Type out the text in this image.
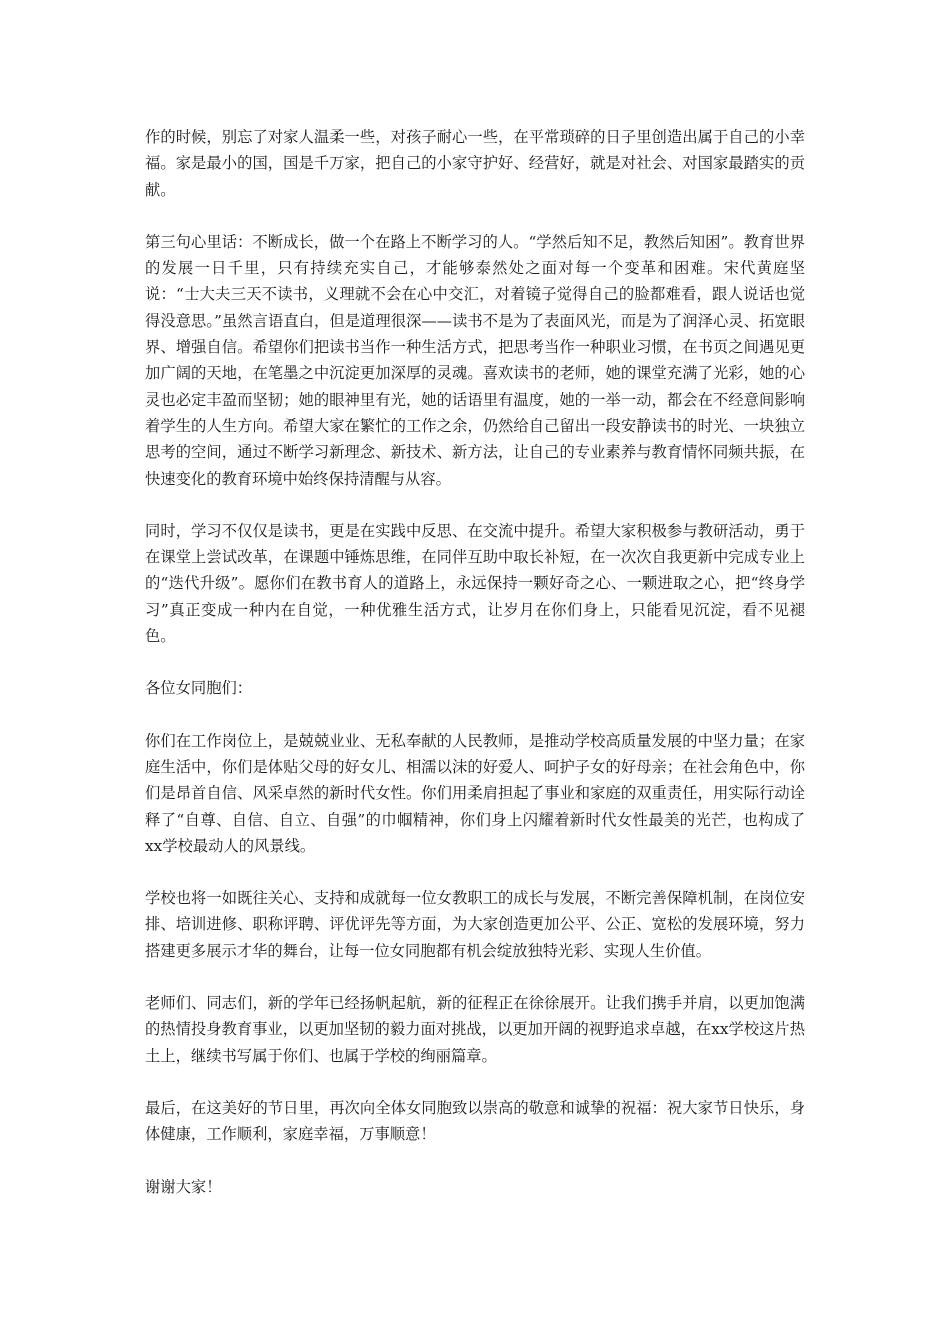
作的时候，别忘了对家人温柔一些，对孩子耐心一些，在平常琐碎的日子里创造出属于自己的小幸福。家是最小的国，国是千万家，把自己的小家守护好、经营好，就是对社会、对国家最踏实的贡献。

第三句心里话：不断成长，做一个在路上不断学习的人。“学然后知不足，教然后知困”。教育世界的发展一日千里，只有持续充实自己，才能够泰然处之面对每一个变革和困难。宋代黄庭坚说：“士大夫三天不读书，义理就不会在心中交汇，对着镜子觉得自己的脸都难看，跟人说话也觉得没意思。”虽然言语直白，但是道理很深——读书不是为了表面风光，而是为了润泽心灵、拓宽眼界、增强自信。希望你们把读书当作一种生活方式，把思考当作一种职业习惯，在书页之间遇见更加广阔的天地，在笔墨之中沉淀更加深厚的灵魂。喜欢读书的老师，她的课堂充满了光彩，她的心灵也必定丰盈而坚韧；她的眼神里有光，她的话语里有温度，她的一举一动，都会在不经意间影响着学生的人生方向。希望大家在繁忙的工作之余，仍然给自己留出一段安静读书的时光、一块独立思考的空间，通过不断学习新理念、新技术、新方法，让自己的专业素养与教育情怀同频共振，在快速变化的教育环境中始终保持清醒与从容。

同时，学习不仅仅是读书，更是在实践中反思、在交流中提升。希望大家积极参与教研活动，勇于在课堂上尝试改革，在课题中锤炼思维，在同伴互助中取长补短，在一次次自我更新中完成专业上的“迭代升级”。愿你们在教书育人的道路上，永远保持一颗好奇之心、一颗进取之心，把“终身学习”真正变成一种内在自觉，一种优雅生活方式，让岁月在你们身上，只能看见沉淀，看不见褪色。

各位女同胞们：

你们在工作岗位上，是兢兢业业、无私奉献的人民教师，是推动学校高质量发展的中坚力量；在家庭生活中，你们是体贴父母的好女儿、相濡以沫的好爱人、呵护子女的好母亲；在社会角色中，你们是昂首自信、风采卓然的新时代女性。你们用柔肩担起了事业和家庭的双重责任，用实际行动诠释了“自尊、自信、自立、自强”的巾帼精神，你们身上闪耀着新时代女性最美的光芒，也构成了xx学校最动人的风景线。

学校也将一如既往关心、支持和成就每一位女教职工的成长与发展，不断完善保障机制，在岗位安排、培训进修、职称评聘、评优评先等方面，为大家创造更加公平、公正、宽松的发展环境，努力搭建更多展示才华的舞台，让每一位女同胞都有机会绽放独特光彩、实现人生价值。

老师们、同志们，新的学年已经扬帆起航，新的征程正在徐徐展开。让我们携手并肩，以更加饱满的热情投身教育事业，以更加坚韧的毅力面对挑战，以更加开阔的视野追求卓越，在xx学校这片热土上，继续书写属于你们、也属于学校的绚丽篇章。

最后，在这美好的节日里，再次向全体女同胞致以崇高的敬意和诚挚的祝福：祝大家节日快乐，身体健康，工作顺利，家庭幸福，万事顺意！

谢谢大家！
